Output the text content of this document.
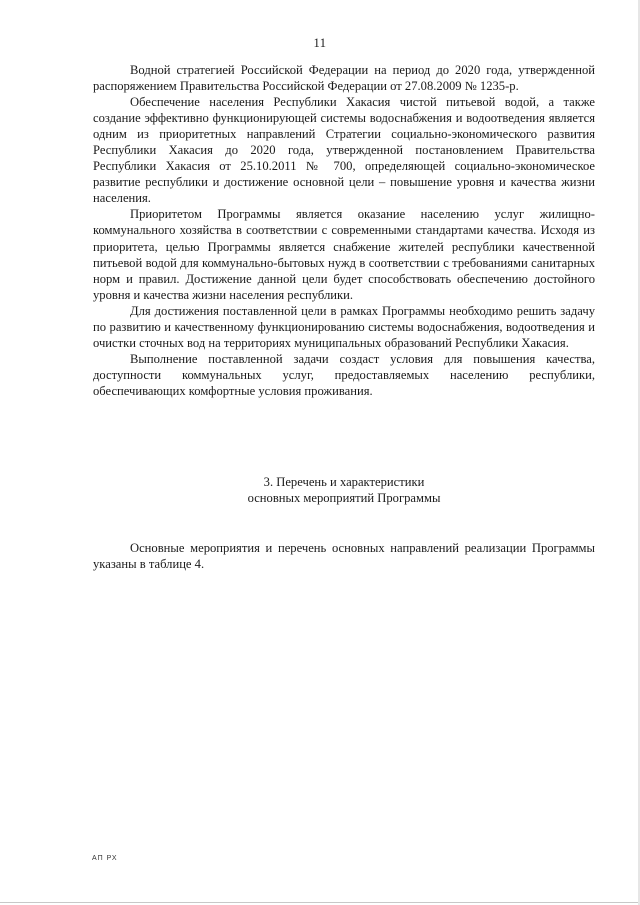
11

Водной стратегией Российской Федерации на период до 2020 года, утвержденной распоряжением Правительства Российской Федерации от 27.08.2009 № 1235-р.

Обеспечение населения Республики Хакасия чистой питьевой водой, а также создание эффективно функционирующей системы водоснабжения и водоотведения является одним из приоритетных направлений Стратегии социально-экономического развития Республики Хакасия до 2020 года, утвержденной постановлением Правительства Республики Хакасия от 25.10.2011 № 700, определяющей социально-экономическое развитие республики и достижение основной цели – повышение уровня и качества жизни населения.

Приоритетом Программы является оказание населению услуг жилищно-коммунального хозяйства в соответствии с современными стандартами качества. Исходя из приоритета, целью Программы является снабжение жителей республики качественной питьевой водой для коммунально-бытовых нужд в соответствии с требованиями санитарных норм и правил. Достижение данной цели будет способствовать обеспечению достойного уровня и качества жизни населения республики.

Для достижения поставленной цели в рамках Программы необходимо решить задачу по развитию и качественному функционированию системы водоснабжения, водоотведения и очистки сточных вод на территориях муниципальных образований Республики Хакасия.

Выполнение поставленной задачи создаст условия для повышения качества, доступности коммунальных услуг, предоставляемых населению республики, обеспечивающих комфортные условия проживания.

3. Перечень и характеристики
основных мероприятий Программы

Основные мероприятия и перечень основных направлений реализации Программы указаны в таблице 4.

АП РХ
